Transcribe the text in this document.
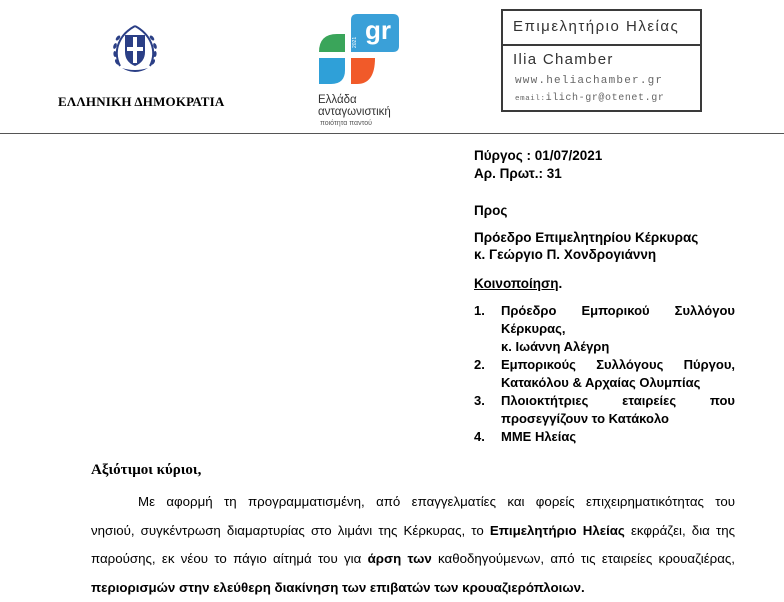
ΕΛΛΗΝΙΚΗ ΔΗΜΟΚΡΑΤΙΑ
gr
2021
Ελλάδα
ανταγωνιστική
ποιότητα παντού
Επιμελητήριο Ηλείας
Ilia Chamber
www.heliachamber.gr
email:ilich-gr@otenet.gr
Πύργος : 01/07/2021
Αρ. Πρωτ.: 31
Προς
Πρόεδρο Επιμελητηρίου Κέρκυρας
κ. Γεώργιο Π. Χονδρογιάννη
Κοινοποίηση.
1.	Πρόεδρο Εμπορικού Συλλόγου
Κέρκυρας,
κ. Ιωάννη Αλέγρη
2.	Εμπορικούς Συλλόγους Πύργου,
Κατακόλου & Αρχαίας Ολυμπίας
3.	Πλοιοκτήτριες εταιρείες που
προσεγγίζουν το Κατάκολο
4.	ΜΜΕ Ηλείας
Αξιότιμοι κύριοι,
Με αφορμή τη προγραμματισμένη, από επαγγελματίες και φορείς επιχειρηματικότητας του
νησιού, συγκέντρωση διαμαρτυρίας στο λιμάνι της Κέρκυρας, το Επιμελητήριο Ηλείας εκφράζει, δια της
παρούσης, εκ νέου το πάγιο αίτημά του για άρση των καθοδηγούμενων, από τις εταιρείες κρουαζιέρας,
περιορισμών στην ελεύθερη διακίνηση των επιβατών των κρουαζιερόπλοιων.
